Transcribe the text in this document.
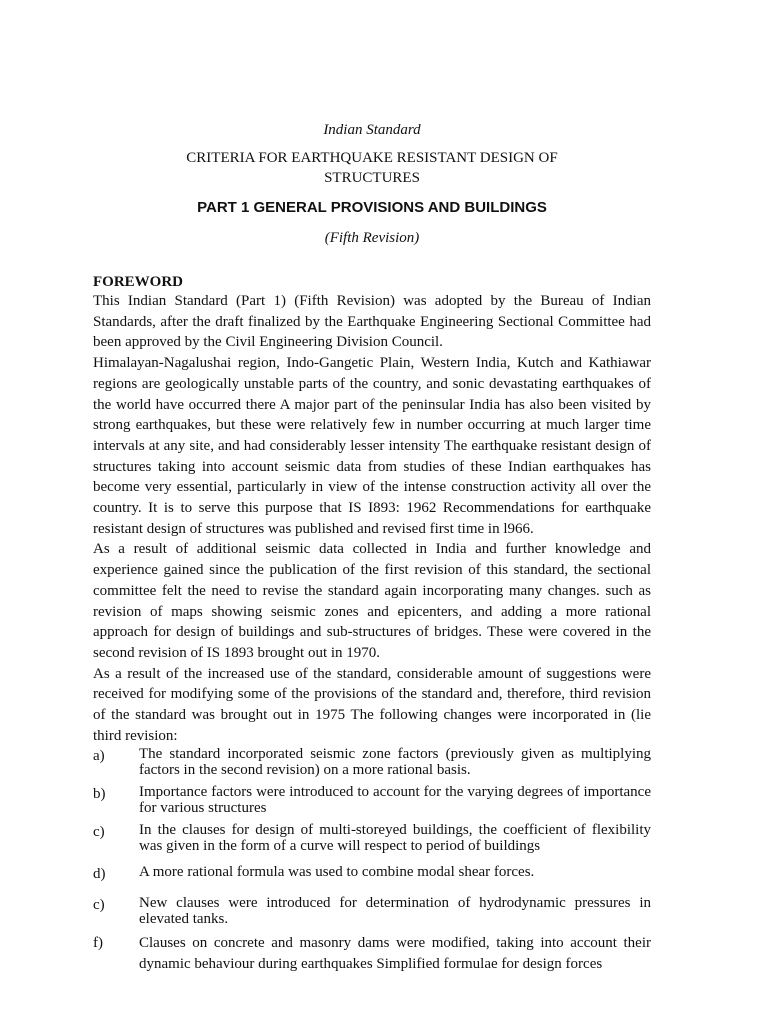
Indian Standard

CRITERIA FOR EARTHQUAKE RESISTANT DESIGN OF
STRUCTURES

PART 1 GENERAL PROVISIONS AND BUILDINGS

(Fifth Revision)

FOREWORD

This Indian Standard (Part 1) (Fifth Revision) was adopted by the Bureau of Indian Standards, after the draft finalized by the Earthquake Engineering Sectional Committee had been approved by the Civil Engineering Division Council.

Himalayan-Nagalushai region, Indo-Gangetic Plain, Western India, Kutch and Kathiawar regions are geologically unstable parts of the country, and sonic devastating earthquakes of the world have occurred there A major part of the peninsular India has also been visited by strong earthquakes, but these were relatively few in number occurring at much larger time intervals at any site, and had considerably lesser intensity The earthquake resistant design of structures taking into account seismic data from studies of these Indian earthquakes has become very essential, particularly in view of the intense construction activity all over the country. It is to serve this purpose that IS I893: 1962 Recommendations for earthquake resistant design of structures was published and revised first time in l966.

As a result of additional seismic data collected in India and further knowledge and experience gained since the publication of the first revision of this standard, the sectional committee felt the need to revise the standard again incorporating many changes. such as revision of maps showing seismic zones and epicenters, and adding a more rational approach for design of buildings and sub-structures of bridges. These were covered in the second revision of IS 1893 brought out in 1970.

As a result of the increased use of the standard, considerable amount of suggestions were received for modifying some of the provisions of the standard and, therefore, third revision of the standard was brought out in 1975 The following changes were incorporated in (lie third revision:

a)	The standard incorporated seismic zone factors (previously given as multiplying factors in the second revision) on a more rational basis.
b)	Importance factors were introduced to account for the varying degrees of importance for various structures
c)	In the clauses for design of multi-storeyed buildings, the coefficient of flexibility was given in the form of a curve will respect to period of buildings
d)	A more rational formula was used to combine modal shear forces.
c)	New clauses were introduced for determination of hydrodynamic pressures in elevated tanks.
f)	Clauses on concrete and masonry dams were modified, taking into account their dynamic behaviour during earthquakes Simplified formulae for design forces
